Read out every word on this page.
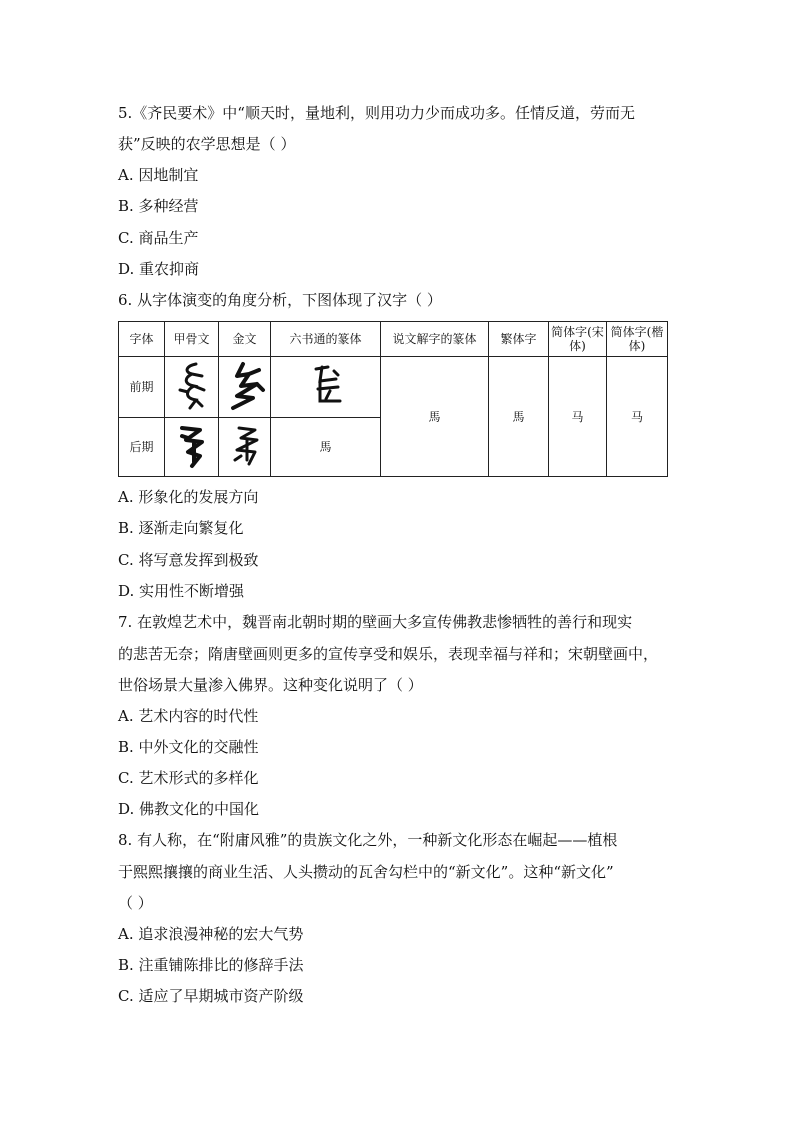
5.《齐民要术》中“顺天时，量地利，则用功力少而成功多。任情反道，劳而无
获”反映的农学思想是（ ）
A. 因地制宜
B. 多种经营
C. 商品生产
D. 重农抑商
6. 从字体演变的角度分析，下图体现了汉字（ ）
字体	甲骨文	金文	六书通的篆体	说文解字的篆体	繁体字	简体字(宋体)	简体字(楷体)
前期				馬	馬	马	马
后期			馬				
A. 形象化的发展方向
B. 逐渐走向繁复化
C. 将写意发挥到极致
D. 实用性不断增强
7. 在敦煌艺术中，魏晋南北朝时期的壁画大多宣传佛教悲惨牺牲的善行和现实
的悲苦无奈；隋唐壁画则更多的宣传享受和娱乐，表现幸福与祥和；宋朝壁画中，
世俗场景大量渗入佛界。这种变化说明了（ ）
A. 艺术内容的时代性
B. 中外文化的交融性
C. 艺术形式的多样化
D. 佛教文化的中国化
8. 有人称，在“附庸风雅”的贵族文化之外，一种新文化形态在崛起——植根
于熙熙攘攘的商业生活、人头攒动的瓦舍勾栏中的“新文化”。这种“新文化”
（ ）
A. 追求浪漫神秘的宏大气势
B. 注重铺陈排比的修辞手法
C. 适应了早期城市资产阶级
